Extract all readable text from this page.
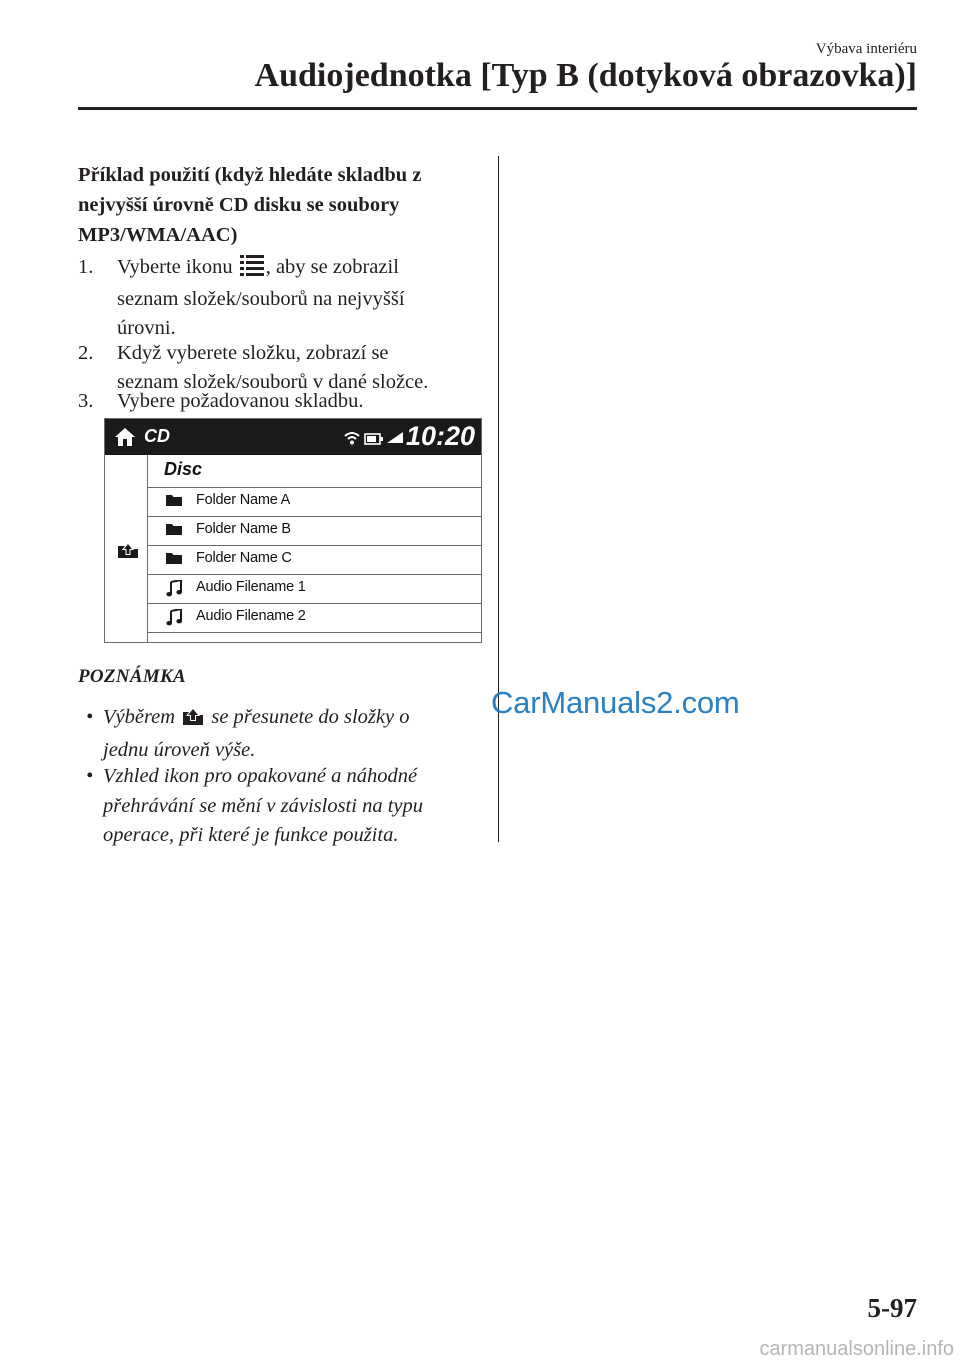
Výbava interiéru
Audiojednotka [Typ B (dotyková obrazovka)]
Příklad použití (když hledáte skladbu z
nejvyšší úrovně CD disku se soubory
MP3/WMA/AAC)
1. Vyberte ikonu , aby se zobrazil
seznam složek/souborů na nejvyšší
úrovni.
2. Když vyberete složku, zobrazí se
seznam složek/souborů v dané složce.
3. Vybere požadovanou skladbu.
CD	10:20
Disc
Folder Name A
Folder Name B
Folder Name C
Audio Filename 1
Audio Filename 2
POZNÁMKA
• Výběrem se přesunete do složky o
jednu úroveň výše.
• Vzhled ikon pro opakované a náhodné
přehrávání se mění v závislosti na typu
operace, při které je funkce použita.
CarManuals2.com
5-97
carmanualsonline.info
